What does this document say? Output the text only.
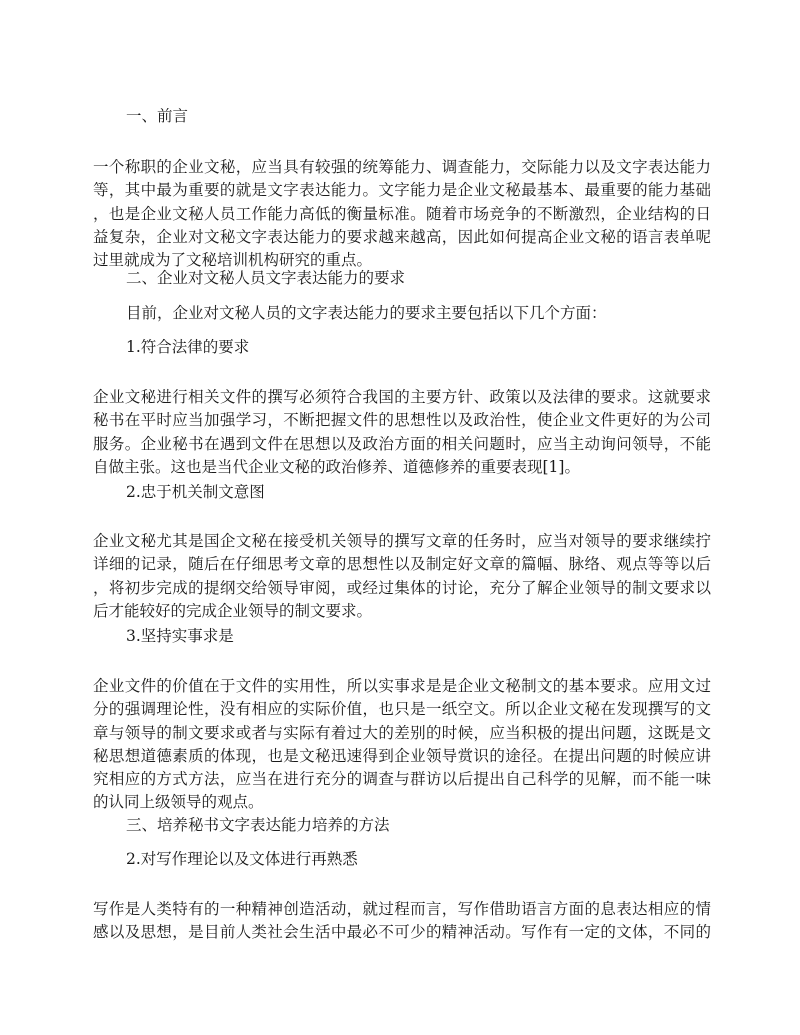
一、前言
一个称职的企业文秘，应当具有较强的统筹能力、调查能力，交际能力以及文字表达能力
等，其中最为重要的就是文字表达能力。文字能力是企业文秘最基本、最重要的能力基础
，也是企业文秘人员工作能力高低的衡量标准。随着市场竞争的不断激烈，企业结构的日
益复杂，企业对文秘文字表达能力的要求越来越高，因此如何提高企业文秘的语言表单呢
过里就成为了文秘培训机构研究的重点。
二、企业对文秘人员文字表达能力的要求
目前，企业对文秘人员的文字表达能力的要求主要包括以下几个方面：
1.符合法律的要求
企业文秘进行相关文件的撰写必须符合我国的主要方针、政策以及法律的要求。这就要求
秘书在平时应当加强学习，不断把握文件的思想性以及政治性，使企业文件更好的为公司
服务。企业秘书在遇到文件在思想以及政治方面的相关问题时，应当主动询问领导，不能
自做主张。这也是当代企业文秘的政治修养、道德修养的重要表现[1]。
2.忠于机关制文意图
企业文秘尤其是国企文秘在接受机关领导的撰写文章的任务时，应当对领导的要求继续拧
详细的记录，随后在仔细思考文章的思想性以及制定好文章的篇幅、脉络、观点等等以后
，将初步完成的提纲交给领导审阅，或经过集体的讨论，充分了解企业领导的制文要求以
后才能较好的完成企业领导的制文要求。
3.坚持实事求是
企业文件的价值在于文件的实用性，所以实事求是是企业文秘制文的基本要求。应用文过
分的强调理论性，没有相应的实际价值，也只是一纸空文。所以企业文秘在发现撰写的文
章与领导的制文要求或者与实际有着过大的差别的时候，应当积极的提出问题，这既是文
秘思想道德素质的体现，也是文秘迅速得到企业领导赏识的途径。在提出问题的时候应讲
究相应的方式方法，应当在进行充分的调查与群访以后提出自己科学的见解，而不能一味
的认同上级领导的观点。
三、培养秘书文字表达能力培养的方法
2.对写作理论以及文体进行再熟悉
写作是人类特有的一种精神创造活动，就过程而言，写作借助语言方面的息表达相应的情
感以及思想，是目前人类社会生活中最必不可少的精神活动。写作有一定的文体，不同的
